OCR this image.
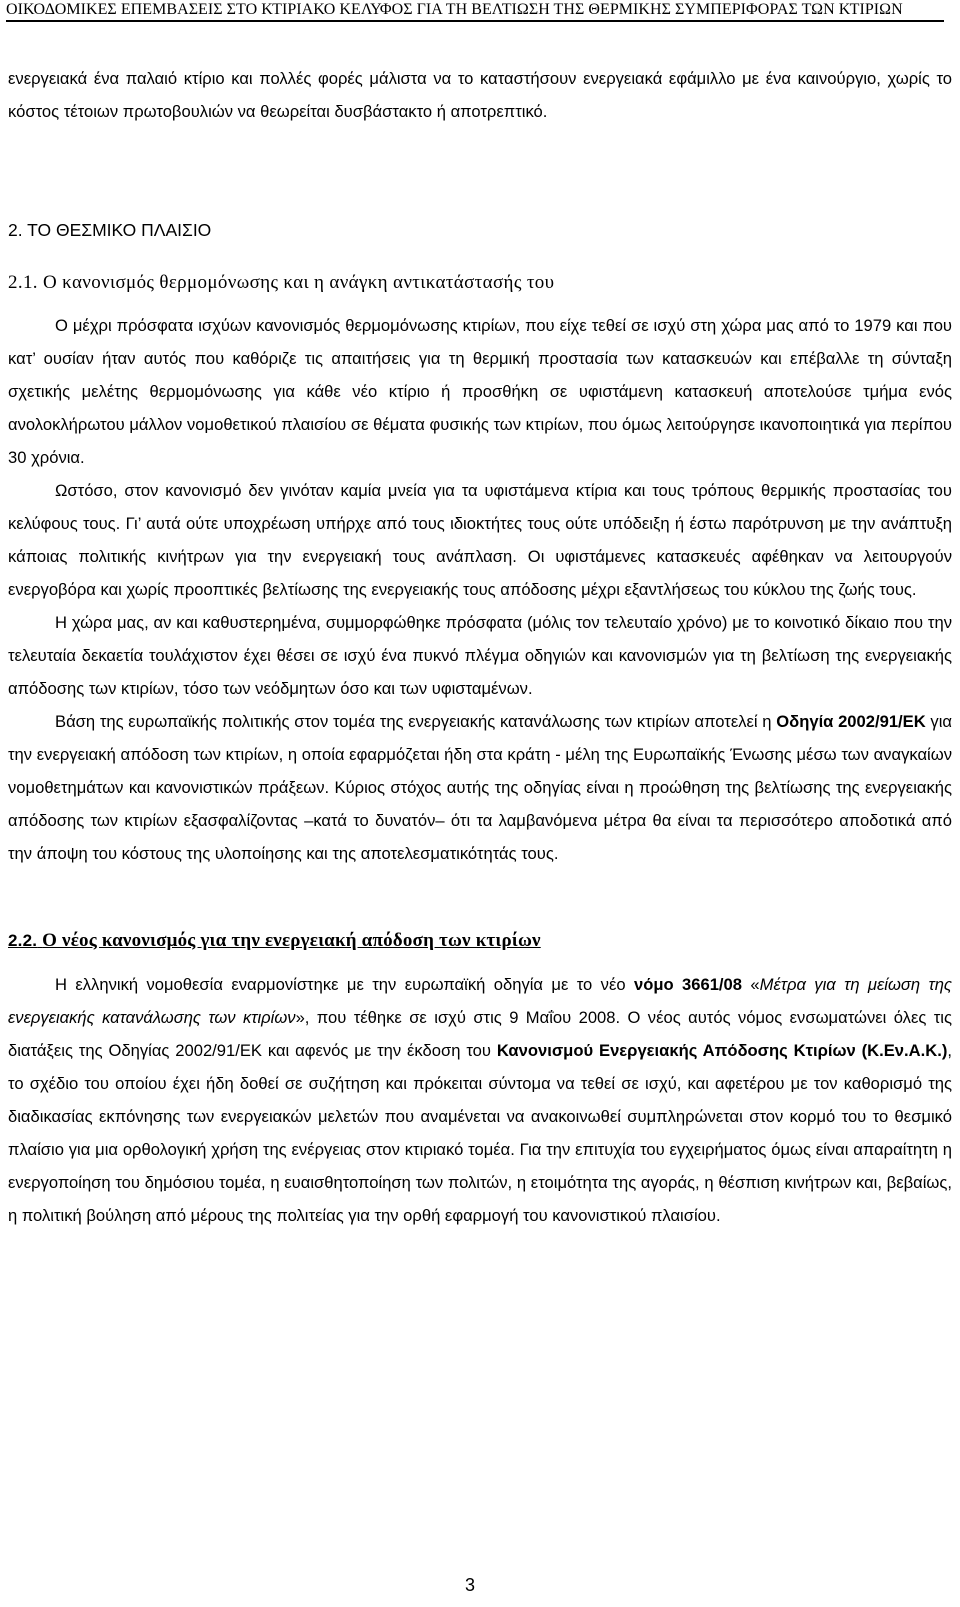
ΟΙΚΟΔΟΜΙΚΕΣ ΕΠΕΜΒΑΣΕΙΣ ΣΤΟ ΚΤΙΡΙΑΚΟ ΚΕΛΥΦΟΣ ΓΙΑ ΤΗ ΒΕΛΤΙΩΣΗ ΤΗΣ ΘΕΡΜΙΚΗΣ ΣΥΜΠΕΡΙΦΟΡΑΣ ΤΩΝ ΚΤΙΡΙΩΝ

ενεργειακά ένα παλαιό κτίριο και πολλές φορές μάλιστα να το καταστήσουν ενεργειακά εφάμιλλο με ένα καινούργιο, χωρίς το κόστος τέτοιων πρωτοβουλιών να θεωρείται δυσβάστακτο ή αποτρεπτικό.

2. ΤΟ ΘΕΣΜΙΚΟ ΠΛΑΙΣΙΟ
2.1. Ο κανονισμός θερμομόνωσης και η ανάγκη αντικατάστασής του

Ο μέχρι πρόσφατα ισχύων κανονισμός θερμομόνωσης κτιρίων, που είχε τεθεί σε ισχύ στη χώρα μας από το 1979 και που κατ’ ουσίαν ήταν αυτός που καθόριζε τις απαιτήσεις για τη θερμική προστασία των κατασκευών και επέβαλλε τη σύνταξη σχετικής μελέτης θερμομόνωσης για κάθε νέο κτίριο ή προσθήκη σε υφιστάμενη κατασκευή αποτελούσε τμήμα ενός ανολοκλήρωτου μάλλον νομοθετικού πλαισίου σε θέματα φυσικής των κτιρίων, που όμως λειτούργησε ικανοποιητικά για περίπου 30 χρόνια.

Ωστόσο, στον κανονισμό δεν γινόταν καμία μνεία για τα υφιστάμενα κτίρια και τους τρόπους θερμικής προστασίας του κελύφους τους. Γι’ αυτά ούτε υποχρέωση υπήρχε από τους ιδιοκτήτες τους ούτε υπόδειξη ή έστω παρότρυνση με την ανάπτυξη κάποιας πολιτικής κινήτρων για την ενεργειακή τους ανάπλαση. Οι υφιστάμενες κατασκευές αφέθηκαν να λειτουργούν ενεργοβόρα και χωρίς προοπτικές βελτίωσης της ενεργειακής τους απόδοσης μέχρι εξαντλήσεως του κύκλου της ζωής τους.

Η χώρα μας, αν και καθυστερημένα, συμμορφώθηκε πρόσφατα (μόλις τον τελευταίο χρόνο) με το κοινοτικό δίκαιο που την τελευταία δεκαετία τουλάχιστον έχει θέσει σε ισχύ ένα πυκνό πλέγμα οδηγιών και κανονισμών για τη βελτίωση της ενεργειακής απόδοσης των κτιρίων, τόσο των νεόδμητων όσο και των υφισταμένων.

Βάση της ευρωπαϊκής πολιτικής στον τομέα της ενεργειακής κατανάλωσης των κτιρίων αποτελεί η Οδηγία 2002/91/ΕΚ για την ενεργειακή απόδοση των κτιρίων, η οποία εφαρμόζεται ήδη στα κράτη - μέλη της Ευρωπαϊκής Ένωσης μέσω των αναγκαίων νομοθετημάτων και κανονιστικών πράξεων. Κύριος στόχος αυτής της οδηγίας είναι η προώθηση της βελτίωσης της ενεργειακής απόδοσης των κτιρίων εξασφαλίζοντας –κατά το δυνατόν– ότι τα λαμβανόμενα μέτρα θα είναι τα περισσότερο αποδοτικά από την άποψη του κόστους της υλοποίησης και της αποτελεσματικότητάς τους.

2.2. Ο νέος κανονισμός για την ενεργειακή απόδοση των κτιρίων

Η ελληνική νομοθεσία εναρμονίστηκε με την ευρωπαϊκή οδηγία με το νέο νόμο 3661/08 «Μέτρα για τη μείωση της ενεργειακής κατανάλωσης των κτιρίων», που τέθηκε σε ισχύ στις 9 Μαΐου 2008. Ο νέος αυτός νόμος ενσωματώνει όλες τις διατάξεις της Οδηγίας 2002/91/ΕΚ και αφενός με την έκδοση του Κανονισμού Ενεργειακής Απόδοσης Κτιρίων (Κ.Εν.Α.Κ.), το σχέδιο του οποίου έχει ήδη δοθεί σε συζήτηση και πρόκειται σύντομα να τεθεί σε ισχύ, και αφετέρου με τον καθορισμό της διαδικασίας εκπόνησης των ενεργειακών μελετών που αναμένεται να ανακοινωθεί συμπληρώνεται στον κορμό του το θεσμικό πλαίσιο για μια ορθολογική χρήση της ενέργειας στον κτιριακό τομέα. Για την επιτυχία του εγχειρήματος όμως είναι απαραίτητη η ενεργοποίηση του δημόσιου τομέα, η ευαισθητοποίηση των πολιτών, η ετοιμότητα της αγοράς, η θέσπιση κινήτρων και, βεβαίως, η πολιτική βούληση από μέρους της πολιτείας για την ορθή εφαρμογή του κανονιστικού πλαισίου.

3
